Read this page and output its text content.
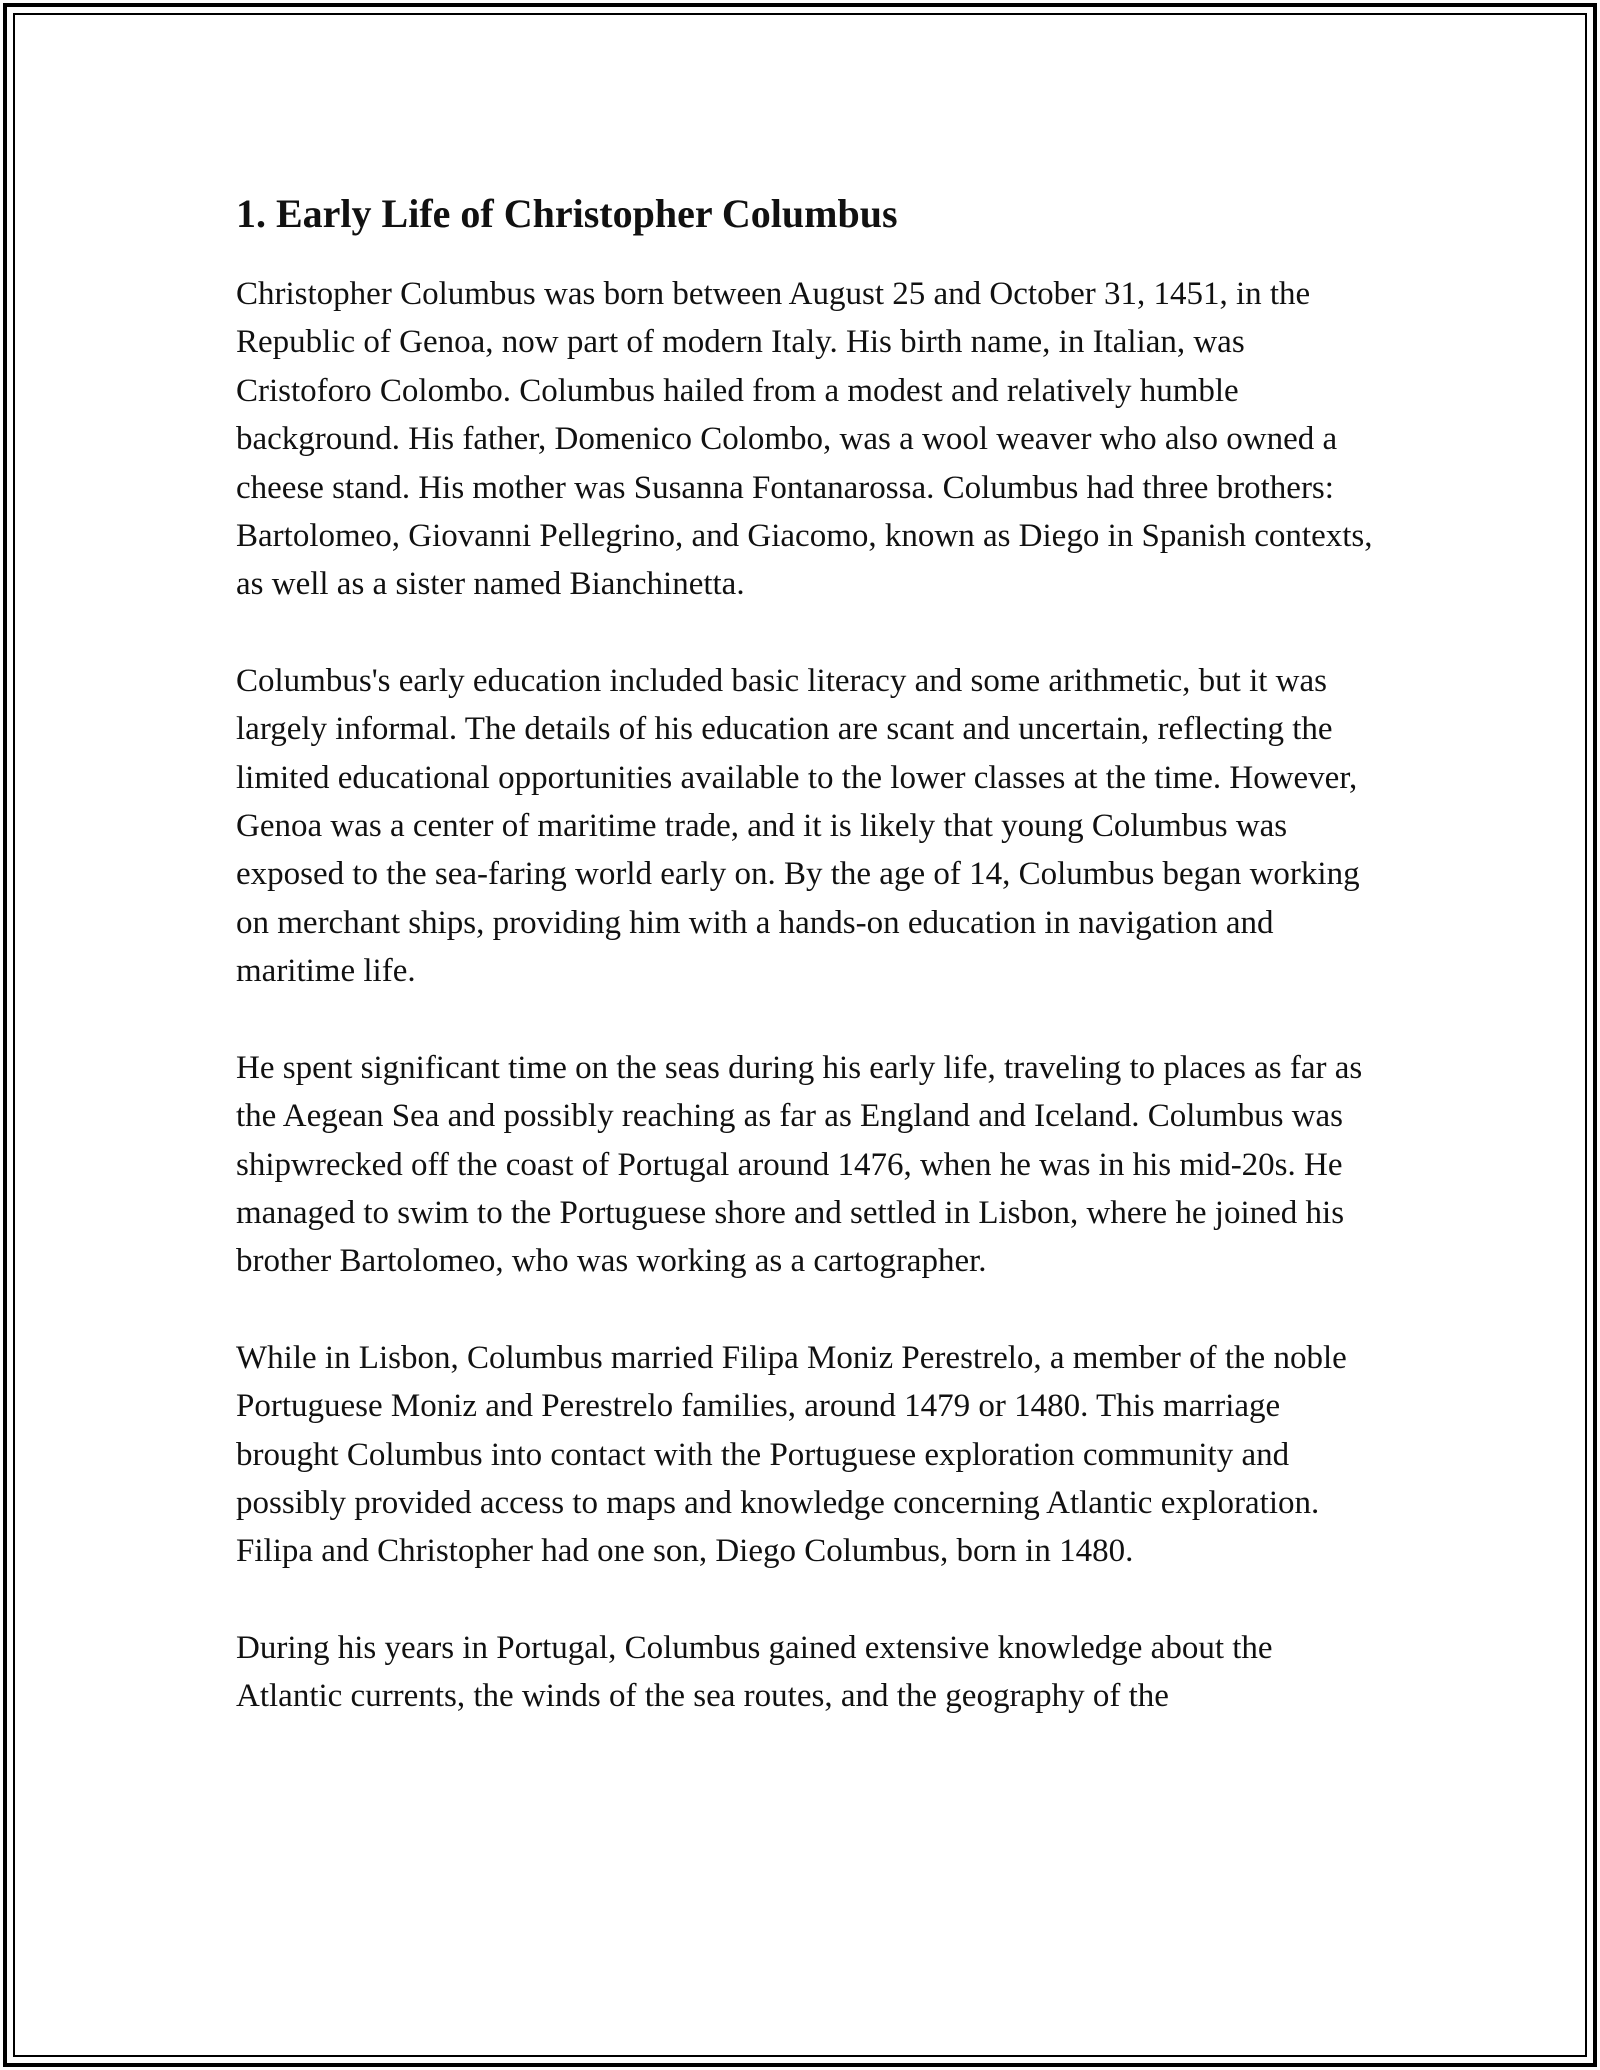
1. Early Life of Christopher Columbus

Christopher Columbus was born between August 25 and October 31, 1451, in the Republic of Genoa, now part of modern Italy. His birth name, in Italian, was Cristoforo Colombo. Columbus hailed from a modest and relatively humble background. His father, Domenico Colombo, was a wool weaver who also owned a cheese stand. His mother was Susanna Fontanarossa. Columbus had three brothers: Bartolomeo, Giovanni Pellegrino, and Giacomo, known as Diego in Spanish contexts, as well as a sister named Bianchinetta.

Columbus's early education included basic literacy and some arithmetic, but it was largely informal. The details of his education are scant and uncertain, reflecting the limited educational opportunities available to the lower classes at the time. However, Genoa was a center of maritime trade, and it is likely that young Columbus was exposed to the sea-faring world early on. By the age of 14, Columbus began working on merchant ships, providing him with a hands-on education in navigation and maritime life.

He spent significant time on the seas during his early life, traveling to places as far as the Aegean Sea and possibly reaching as far as England and Iceland. Columbus was shipwrecked off the coast of Portugal around 1476, when he was in his mid-20s. He managed to swim to the Portuguese shore and settled in Lisbon, where he joined his brother Bartolomeo, who was working as a cartographer.

While in Lisbon, Columbus married Filipa Moniz Perestrelo, a member of the noble Portuguese Moniz and Perestrelo families, around 1479 or 1480. This marriage brought Columbus into contact with the Portuguese exploration community and possibly provided access to maps and knowledge concerning Atlantic exploration. Filipa and Christopher had one son, Diego Columbus, born in 1480.

During his years in Portugal, Columbus gained extensive knowledge about the Atlantic currents, the winds of the sea routes, and the geography of the
